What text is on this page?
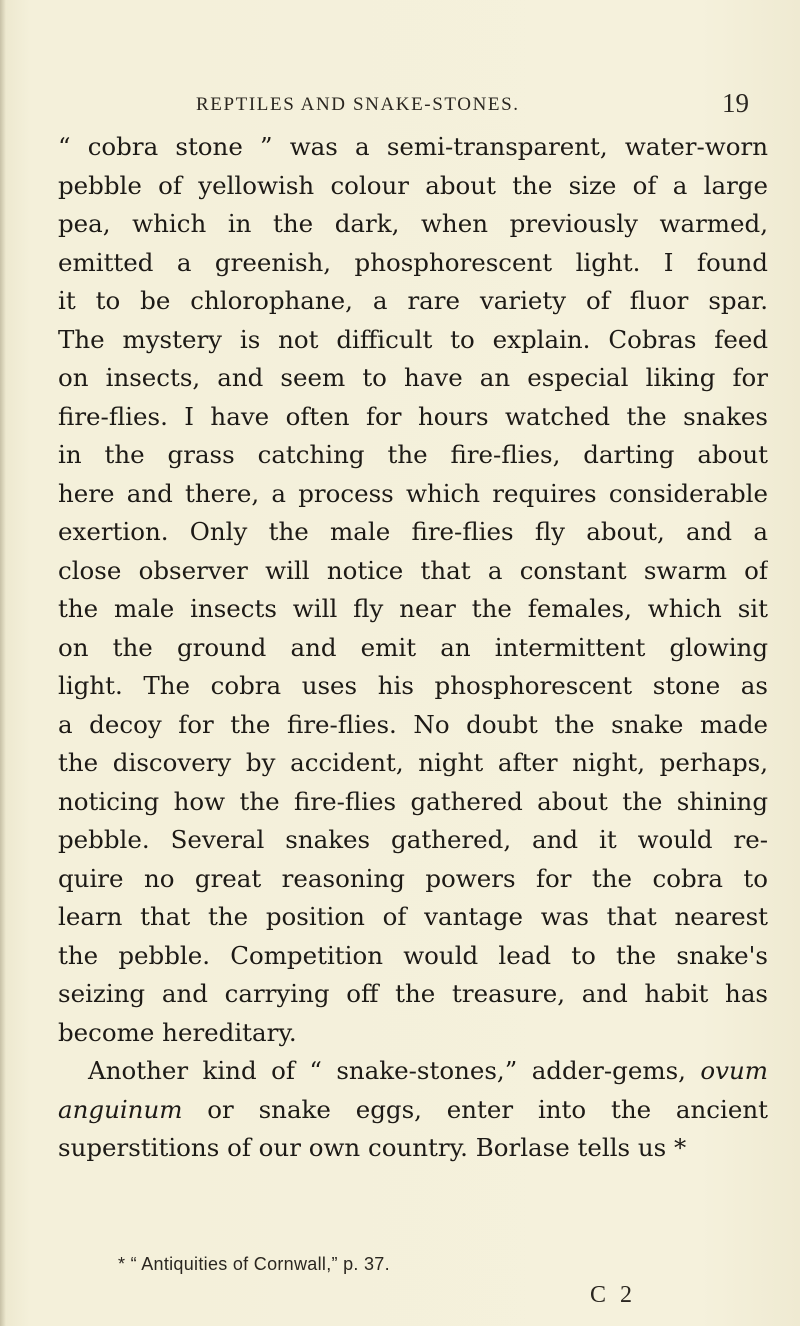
REPTILES AND SNAKE-STONES.	19
“ cobra stone ” was a semi-transparent, water-worn
pebble of yellowish colour about the size of a large
pea, which in the dark, when previously warmed,
emitted a greenish, phosphorescent light. I found
it to be chlorophane, a rare variety of fluor spar.
The mystery is not difficult to explain. Cobras feed
on insects, and seem to have an especial liking for
fire-flies. I have often for hours watched the snakes
in the grass catching the fire-flies, darting about
here and there, a process which requires considerable
exertion. Only the male fire-flies fly about, and a
close observer will notice that a constant swarm of
the male insects will fly near the females, which sit
on the ground and emit an intermittent glowing
light. The cobra uses his phosphorescent stone as
a decoy for the fire-flies. No doubt the snake made
the discovery by accident, night after night, perhaps,
noticing how the fire-flies gathered about the shining
pebble. Several snakes gathered, and it would re-
quire no great reasoning powers for the cobra to
learn that the position of vantage was that nearest
the pebble. Competition would lead to the snake's
seizing and carrying off the treasure, and habit has
become hereditary.
Another kind of “ snake-stones,” adder-gems, ovum
anguinum or snake eggs, enter into the ancient
superstitions of our own country. Borlase tells us *
* “ Antiquities of Cornwall,” p. 37.
C 2
